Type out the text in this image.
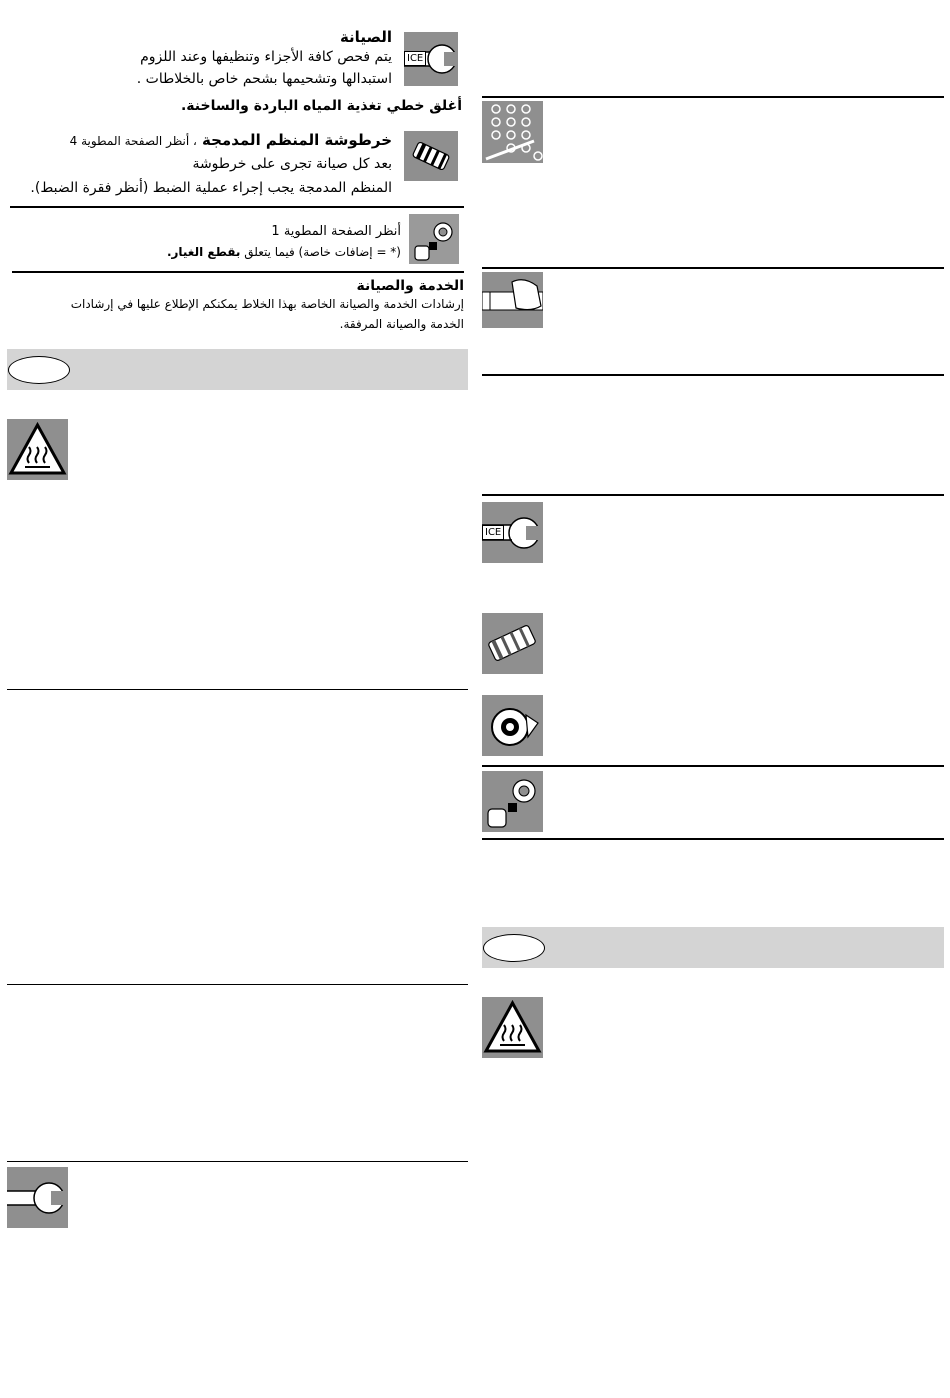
ICE
الصيانة
يتم فحص كافة الأجزاء وتنظيفها وعند اللزوم
استبدالها وتشحيمها بشحم خاص بالخلاطات .
أغلق خطي تغذية المياه الباردة والساخنة.
خرطوشة المنظم المدمجة ، أنظر الصفحة المطوية 4
بعد كل صيانة تجرى على خرطوشة
المنظم المدمجة يجب إجراء عملية الضبط (أنظر فقرة الضبط).
أنظر الصفحة المطوية 1
(* = إضافات خاصة) فيما يتعلق بقطع الغيار.
الخدمة والصيانة
إرشادات الخدمة والصيانة الخاصة بهذا الخلاط يمكنكم الإطلاع عليها في إرشادات
الخدمة والصيانة المرفقة.
ICE
